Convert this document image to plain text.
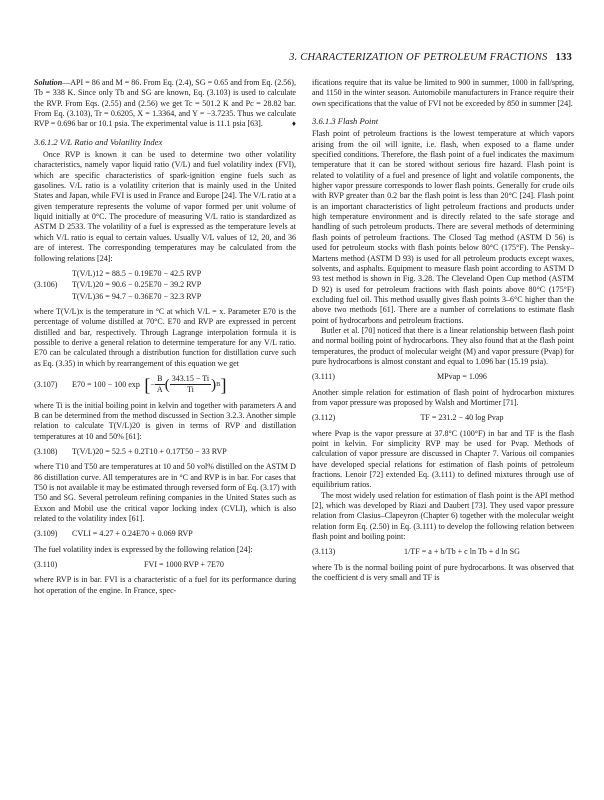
3. CHARACTERIZATION OF PETROLEUM FRACTIONS 133

Solution—API = 86 and M = 86. From Eq. (2.4), SG = 0.65 and from Eq. (2.56), Tb = 338 K. Since only Tb and SG are known, Eq. (3.103) is used to calculate the RVP. From Eqs. (2.55) and (2.56) we get Tc = 501.2 K and Pc = 28.82 bar. From Eq. (3.103), Tr = 0.6205, X = 1.3364, and Y = −3.7235. Thus we calculate RVP = 0.696 bar or 10.1 psia. The experimental value is 11.1 psia [63].	♦

3.6.1.2 V/L Ratio and Volatility Index

Once RVP is known it can be used to determine two other volatility characteristics, namely vapor liquid ratio (V/L) and fuel volatility index (FVI), which are specific characteristics of spark-ignition engine fuels such as gasolines. V/L ratio is a volatility criterion that is mainly used in the United States and Japan, while FVI is used in France and Europe [24]. The V/L ratio at a given temperature represents the volume of vapor formed per unit volume of liquid initially at 0°C. The procedure of measuring V/L ratio is standardized as ASTM D 2533. The volatility of a fuel is expressed as the temperature levels at which V/L ratio is equal to certain values. Usually V/L values of 12, 20, and 36 are of interest. The corresponding temperatures may be calculated from the following relations [24]:

T(V/L)12 = 88.5 − 0.19E70 − 42.5 RVP
(3.106)	T(V/L)20 = 90.6 − 0.25E70 − 39.2 RVP
T(V/L)36 = 94.7 − 0.36E70 − 32.3 RVP

where T(V/L)x is the temperature in °C at which V/L = x. Parameter E70 is the percentage of volume distilled at 70°C. E70 and RVP are expressed in percent distilled and bar, respectively. Through Lagrange interpolation formula it is possible to derive a general relation to determine temperature for any V/L ratio. E70 can be calculated through a distribution function for distillation curve such as Eq. (3.35) in which by rearrangement of this equation we get

(3.107)	E70 = 100 − 100 exp [ − $\frac{B}{A}$ ( $\frac{343.15 - Ti}{Ti}$ ) B ]

where Ti is the initial boiling point in kelvin and together with parameters A and B can be determined from the method discussed in Section 3.2.3. Another simple relation to calculate T(V/L)20 is given in terms of RVP and distillation temperatures at 10 and 50% [61]:

(3.108)	T(V/L)20 = 52.5 + 0.2T10 + 0.17T50 − 33 RVP

where T10 and T50 are temperatures at 10 and 50 vol% distilled on the ASTM D 86 distillation curve. All temperatures are in °C and RVP is in bar. For cases that T50 is not available it may be estimated through reversed form of Eq. (3.17) with T50 and SG. Several petroleum refining companies in the United States such as Exxon and Mobil use the critical vapor locking index (CVLI), which is also related to the volatility index [61].

(3.109)	CVLI = 4.27 + 0.24E70 + 0.069 RVP

The fuel volatility index is expressed by the following relation [24]:

(3.110)	FVI = 1000 RVP + 7E70

where RVP is in bar. FVI is a characteristic of a fuel for its performance during hot operation of the engine. In France, spec-

ifications require that its value be limited to 900 in summer, 1000 in fall/spring, and 1150 in the winter season. Automobile manufacturers in France require their own specifications that the value of FVI not be exceeded by 850 in summer [24].

3.6.1.3 Flash Point

Flash point of petroleum fractions is the lowest temperature at which vapors arising from the oil will ignite, i.e. flash, when exposed to a flame under specified conditions. Therefore, the flash point of a fuel indicates the maximum temperature that it can be stored without serious fire hazard. Flash point is related to volatility of a fuel and presence of light and volatile components, the higher vapor pressure corresponds to lower flash points. Generally for crude oils with RVP greater than 0.2 bar the flash point is less than 20°C [24]. Flash point is an important characteristics of light petroleum fractions and products under high temperature environment and is directly related to the safe storage and handling of such petroleum products. There are several methods of determining flash points of petroleum fractions. The Closed Tag method (ASTM D 56) is used for petroleum stocks with flash points below 80°C (175°F). The Pensky–Martens method (ASTM D 93) is used for all petroleum products except waxes, solvents, and asphalts. Equipment to measure flash point according to ASTM D 93 test method is shown in Fig. 3.28. The Cleveland Open Cup method (ASTM D 92) is used for petroleum fractions with flash points above 80°C (175°F) excluding fuel oil. This method usually gives flash points 3–6°C higher than the above two methods [61]. There are a number of correlations to estimate flash point of hydrocarbons and petroleum fractions.

Butler et al. [70] noticed that there is a linear relationship between flash point and normal boiling point of hydrocarbons. They also found that at the flash point temperatures, the product of molecular weight (M) and vapor pressure (Pvap) for pure hydrocarbons is almost constant and equal to 1.096 bar (15.19 psia).

(3.111)	MPvap = 1.096

Another simple relation for estimation of flash point of hydrocarbon mixtures from vapor pressure was proposed by Walsh and Mortimer [71].

(3.112)	TF = 231.2 − 40 log Pvap

where Pvap is the vapor pressure at 37.8°C (100°F) in bar and TF is the flash point in kelvin. For simplicity RVP may be used for Pvap. Methods of calculation of vapor pressure are discussed in Chapter 7. Various oil companies have developed special relations for estimation of flash points of petroleum fractions. Lenoir [72] extended Eq. (3.111) to defined mixtures through use of equilibrium ratios.

The most widely used relation for estimation of flash point is the API method [2], which was developed by Riazi and Daubert [73]. They used vapor pressure relation from Clasius–Clapeyron (Chapter 6) together with the molecular weight relation form Eq. (2.50) in Eq. (3.111) to develop the following relation between flash point and boiling point:

(3.113)	1/TF = a + b/Tb + c ln Tb + d ln SG

where Tb is the normal boiling point of pure hydrocarbons. It was observed that the coefficient d is very small and TF is
